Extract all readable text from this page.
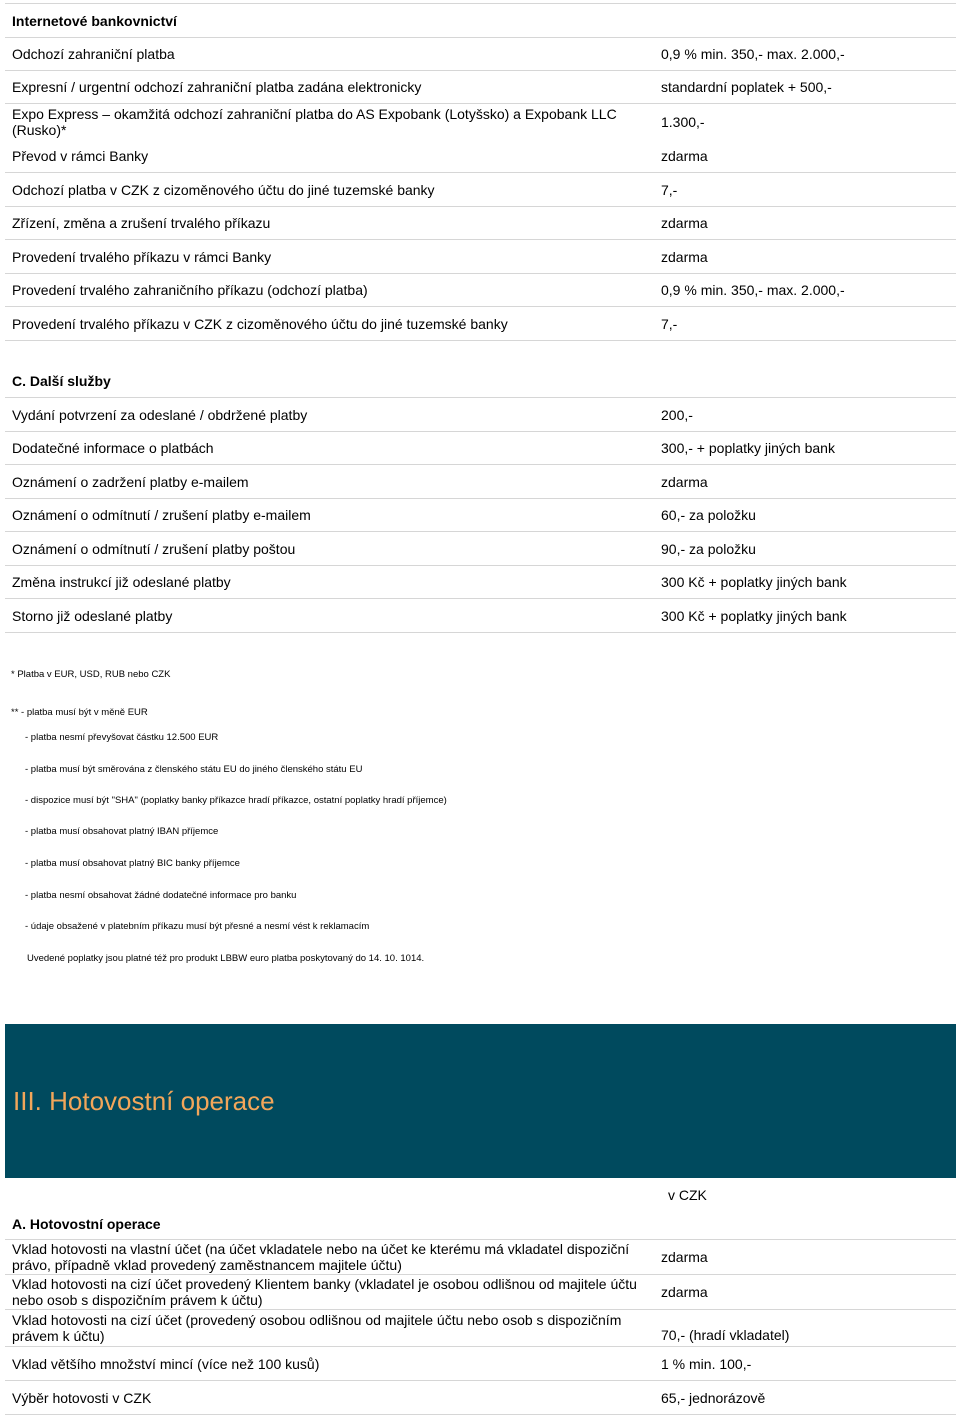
Internetové bankovnictví
Odchozí zahraniční platba	0,9 % min. 350,- max. 2.000,-
Expresní / urgentní odchozí zahraniční platba zadána elektronicky	standardní poplatek + 500,-
Expo Express – okamžitá odchozí zahraniční platba do AS Expobank (Lotyšsko) a Expobank LLC (Rusko)*	1.300,-
Převod v rámci Banky	zdarma
Odchozí platba v CZK z cizoměnového účtu do jiné tuzemské banky	7,-
Zřízení, změna a zrušení trvalého příkazu	zdarma
Provedení trvalého příkazu v rámci Banky	zdarma
Provedení trvalého zahraničního příkazu (odchozí platba)	0,9 % min. 350,- max. 2.000,-
Provedení trvalého příkazu v CZK z cizoměnového účtu do jiné tuzemské banky	7,-
C. Další služby
Vydání potvrzení za odeslané / obdržené platby	200,-
Dodatečné informace o platbách	300,- + poplatky jiných bank
Oznámení o zadržení platby e-mailem	zdarma
Oznámení o odmítnutí / zrušení platby e-mailem	60,- za položku
Oznámení o odmítnutí / zrušení platby poštou	90,- za položku
Změna instrukcí již odeslané platby	300 Kč + poplatky jiných bank
Storno již odeslané platby	300 Kč + poplatky jiných bank
* Platba v EUR, USD, RUB nebo CZK
** - platba musí být v měně EUR
- platba nesmí převyšovat částku 12.500 EUR
- platba musí být směrována z členského státu EU do jiného členského státu EU
- dispozice musí být "SHA" (poplatky banky příkazce hradí příkazce, ostatní poplatky hradí příjemce)
- platba musí obsahovat platný IBAN příjemce
- platba musí obsahovat platný BIC banky příjemce
- platba nesmí obsahovat žádné dodatečné informace pro banku
- údaje obsažené v platebním příkazu musí být přesné a nesmí vést k reklamacím
Uvedené poplatky jsou platné též pro produkt LBBW euro platba poskytovaný do 14. 10. 1014.
III. Hotovostní operace
v CZK
A. Hotovostní operace
Vklad hotovosti na vlastní účet (na účet vkladatele nebo na účet ke kterému má vkladatel dispoziční právo, případně vklad provedený zaměstnancem majitele účtu)	zdarma
Vklad hotovosti na cizí účet provedený Klientem banky (vkladatel je osobou odlišnou od majitele účtu nebo osob s dispozičním právem k účtu)	zdarma
Vklad hotovosti na cizí účet (provedený osobou odlišnou od majitele účtu nebo osob s dispozičním právem k účtu)	70,- (hradí vkladatel)
Vklad většího množství mincí (více než 100 kusů)	1 % min. 100,-
Výběr hotovosti v CZK	65,- jednorázově
